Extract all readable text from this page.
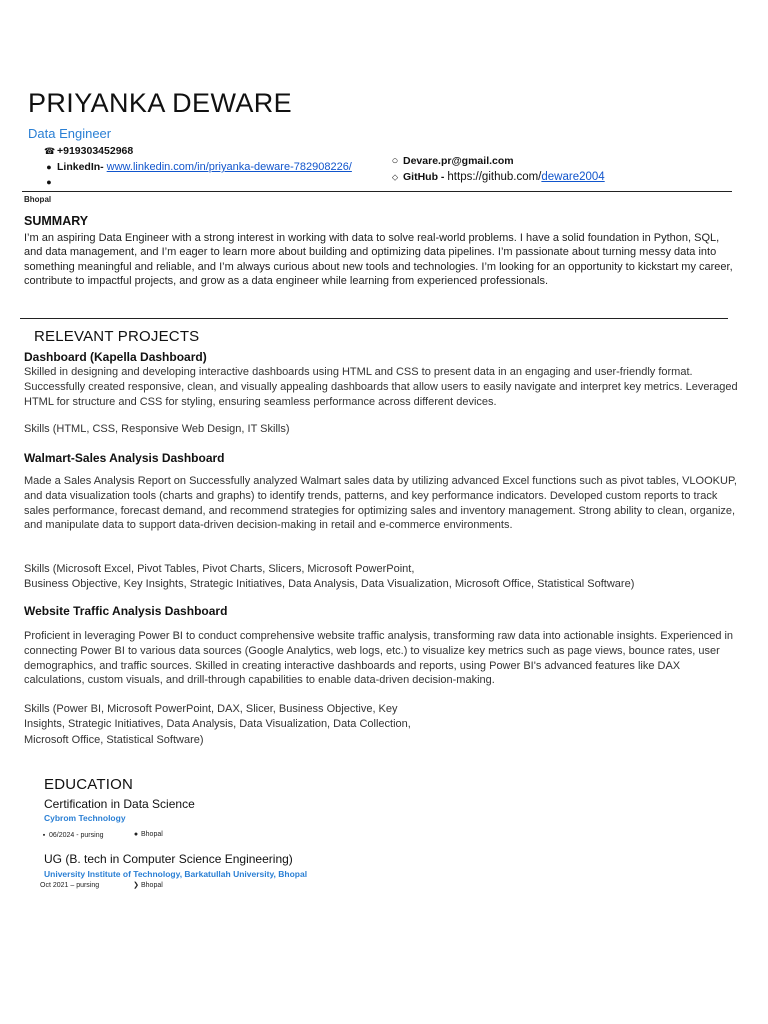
PRIYANKA DEWARE
Data Engineer
☎ +919303452968
● LinkedIn- www.linkedin.com/in/priyanka-deware-782908226/
●
○ Devare.pr@gmail.com
⬦ GitHub - https://github.com/ deware2004
Bhopal
SUMMARY

I’m an aspiring Data Engineer with a strong interest in working with data to solve real-world problems. I have a solid foundation in Python, SQL, and data management, and I’m eager to learn more about building and optimizing data pipelines. I’m passionate about turning messy data into something meaningful and reliable, and I’m always curious about new tools and technologies. I’m looking for an opportunity to kickstart my career, contribute to impactful projects, and grow as a data engineer while learning from experienced professionals.

RELEVANT PROJECTS
Dashboard (Kapella Dashboard)

Skilled in designing and developing interactive dashboards using HTML and CSS to present data in an engaging and user-friendly format. Successfully created responsive, clean, and visually appealing dashboards that allow users to easily navigate and interpret key metrics. Leveraged HTML for structure and CSS for styling, ensuring seamless performance across different devices.

Skills (HTML, CSS, Responsive Web Design, IT Skills)

Walmart-Sales Analysis Dashboard

Made a Sales Analysis Report on Successfully analyzed Walmart sales data by utilizing advanced Excel functions such as pivot tables, VLOOKUP, and data visualization tools (charts and graphs) to identify trends, patterns, and key performance indicators. Developed custom reports to track sales performance, forecast demand, and recommend strategies for optimizing sales and inventory management. Strong ability to clean, organize, and manipulate data to support data-driven decision-making in retail and e-commerce environments.

Skills (Microsoft Excel, Pivot Tables, Pivot Charts, Slicers, Microsoft PowerPoint,

Business Objective, Key Insights, Strategic Initiatives, Data Analysis, Data Visualization, Microsoft Office, Statistical Software)

Website Traffic Analysis Dashboard

Proficient in leveraging Power BI to conduct comprehensive website traffic analysis, transforming raw data into actionable insights. Experienced in connecting Power BI to various data sources (Google Analytics, web logs, etc.) to visualize key metrics such as page views, bounce rates, user demographics, and traffic sources. Skilled in creating interactive dashboards and reports, using Power BI's advanced features like DAX calculations, custom visuals, and drill-through capabilities to enable data-driven decision-making.

Skills (Power BI, Microsoft PowerPoint, DAX, Slicer, Business Objective, Key

Insights, Strategic Initiatives, Data Analysis, Data Visualization, Data Collection,

Microsoft Office, Statistical Software)

EDUCATION
Certification in Data Science
Cybrom Technology
▪ 06/2024 - pursing	● Bhopal
UG (B. tech in Computer Science Engineering)
University Institute of Technology, Barkatullah University, Bhopal
Oct 2021 – pursing	❯ Bhopal
